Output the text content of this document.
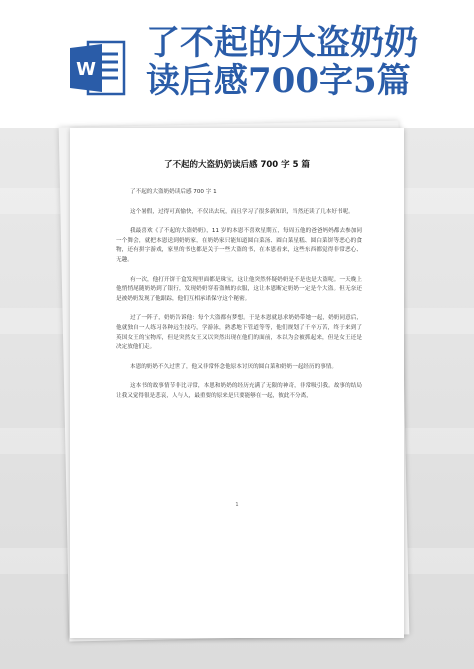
W
了不起的大盗奶奶
读后感700字5篇
了不起的大盗奶奶读后感 700 字 5 篇

了不起的大盗奶奶读后感 700 字 1

这个暑假，过得可真愉快，不仅出去玩，而且学习了很多新知识，当然还读了几本好书呢。

我最喜欢《了不起的大盗奶奶》，11 岁的本恩不喜欢星期五，每周五他的爸爸妈妈都去参加同一个舞会，就把本恩送到奶奶家，在奶奶家只能知道圆白菜汤、圆白菜星糕、圆白菜饼等恶心的食物，还有拼字游戏，家里的书也都是关于一些大盗的书，在本恩看来，这些东西都觉得非常恶心、无趣。

有一次，他打开饼干盒发现里面都是珠宝，这让他突然怀疑奶奶是不是也是大盗呢。一天晚上他悄悄尾随奶奶到了银行，发现奶奶穿着盗贼的衣服，这让本恩断定奶奶一定是个大盗。但无奈还是被奶奶发现了他跟踪，他们互相承诺保守这个秘密。

过了一阵子，奶奶告诉他：每个大盗都有梦想。于是本恩就恳求奶奶带她一起，奶奶同意后，他就独自一人练习各种远生技巧，学游泳，熟悉地下管道等等，他们规划了千辛万苦，终于来到了英国女王的宝物库，但是突然女王又以突然出现在他们的面前，本以为会被抓起来，但是女王还是决定放他们走。

本恩的奶奶不久过世了，他又非常怀念他原本讨厌的圆白菜和奶奶一起经历的事情。

这本书的故事情节非比寻常，本恩和奶奶的经历充满了无限的神奇，非常吸引我。故事的结局让我又觉得很是悲哀，人与人，最重要的原来是只要能够在一起，彼此不分离，

1
